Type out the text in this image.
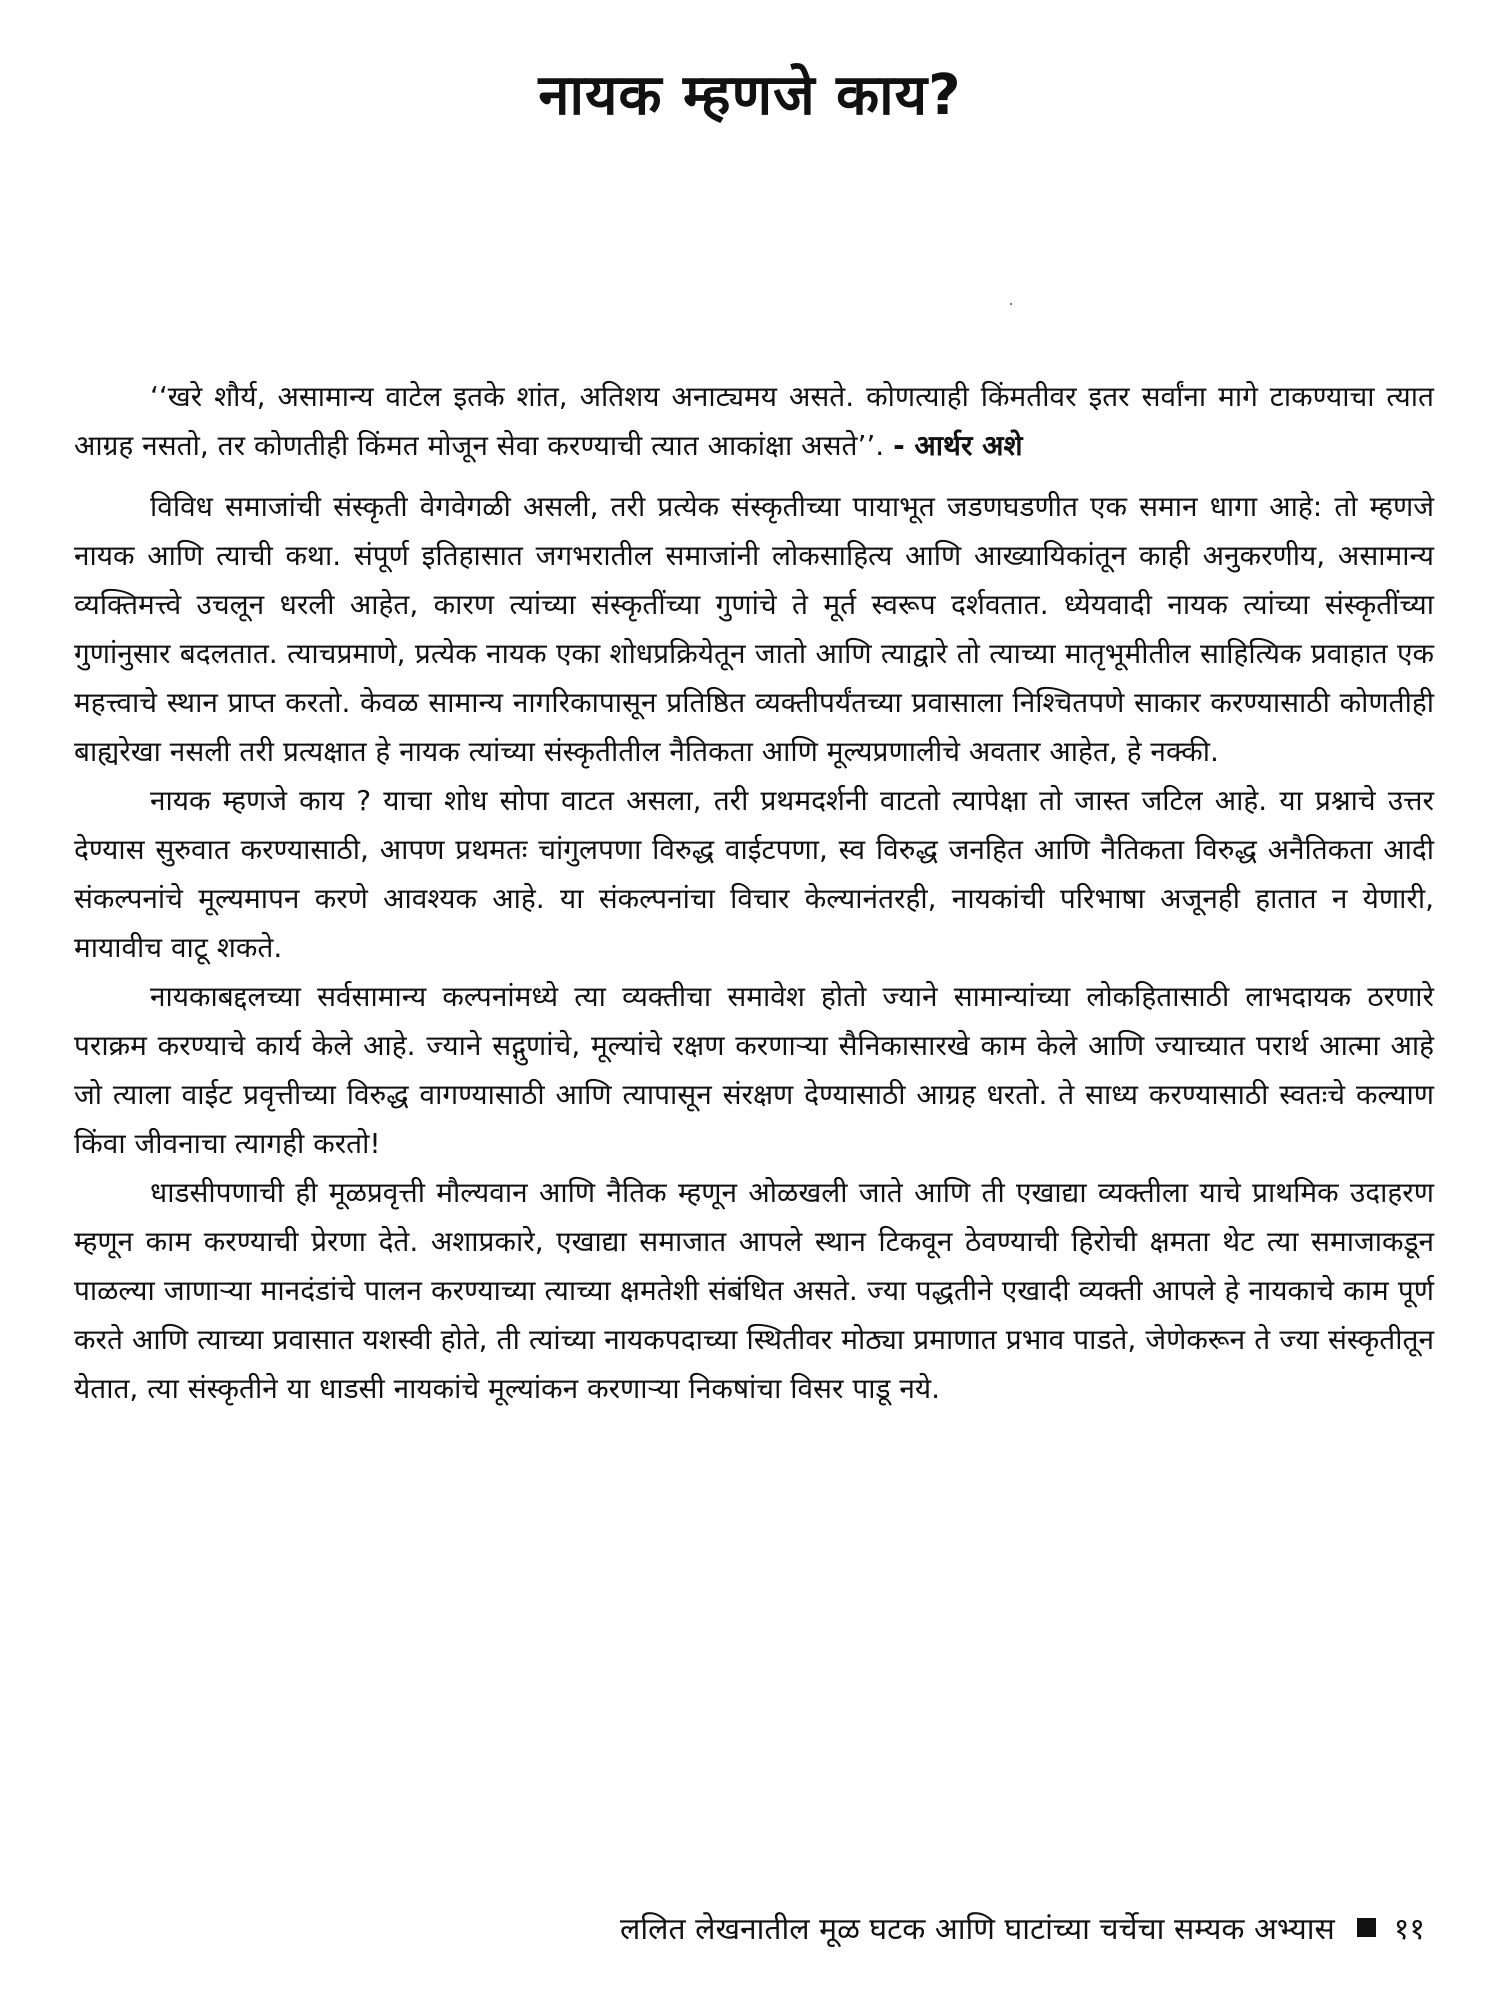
नायक म्हणजे काय?

‘‘खरे शौर्य, असामान्य वाटेल इतके शांत, अतिशय अनाट्यमय असते. कोणत्याही किंमतीवर इतर सर्वांना मागे टाकण्याचा त्यात आग्रह नसतो, तर कोणतीही किंमत मोजून सेवा करण्याची त्यात आकांक्षा असते’’. - आर्थर अशे

विविध समाजांची संस्कृती वेगवेगळी असली, तरी प्रत्येक संस्कृतीच्या पायाभूत जडणघडणीत एक समान धागा आहे: तो म्हणजे नायक आणि त्याची कथा. संपूर्ण इतिहासात जगभरातील समाजांनी लोकसाहित्य आणि आख्यायिकांतून काही अनुकरणीय, असामान्य व्यक्तिमत्त्वे उचलून धरली आहेत, कारण त्यांच्या संस्कृतींच्या गुणांचे ते मूर्त स्वरूप दर्शवतात. ध्येयवादी नायक त्यांच्या संस्कृतींच्या गुणांनुसार बदलतात. त्याचप्रमाणे, प्रत्येक नायक एका शोधप्रक्रियेतून जातो आणि त्याद्वारे तो त्याच्या मातृभूमीतील साहित्यिक प्रवाहात एक महत्त्वाचे स्थान प्राप्त करतो. केवळ सामान्य नागरिकापासून प्रतिष्ठित व्यक्तीपर्यंतच्या प्रवासाला निश्चितपणे साकार करण्यासाठी कोणतीही बाह्यरेखा नसली तरी प्रत्यक्षात हे नायक त्यांच्या संस्कृतीतील नैतिकता आणि मूल्यप्रणालीचे अवतार आहेत, हे नक्की.

नायक म्हणजे काय ? याचा शोध सोपा वाटत असला, तरी प्रथमदर्शनी वाटतो त्यापेक्षा तो जास्त जटिल आहे. या प्रश्नाचे उत्तर देण्यास सुरुवात करण्यासाठी, आपण प्रथमतः चांगुलपणा विरुद्ध वाईटपणा, स्व विरुद्ध जनहित आणि नैतिकता विरुद्ध अनैतिकता आदी संकल्पनांचे मूल्यमापन करणे आवश्यक आहे. या संकल्पनांचा विचार केल्यानंतरही, नायकांची परिभाषा अजूनही हातात न येणारी, मायावीच वाटू शकते.

नायकाबद्दलच्या सर्वसामान्य कल्पनांमध्ये त्या व्यक्तीचा समावेश होतो ज्याने सामान्यांच्या लोकहितासाठी लाभदायक ठरणारे पराक्रम करण्याचे कार्य केले आहे. ज्याने सद्गुणांचे, मूल्यांचे रक्षण करणाऱ्या सैनिकासारखे काम केले आणि ज्याच्यात परार्थ आत्मा आहे जो त्याला वाईट प्रवृत्तीच्या विरुद्ध वागण्यासाठी आणि त्यापासून संरक्षण देण्यासाठी आग्रह धरतो. ते साध्य करण्यासाठी स्वतःचे कल्याण किंवा जीवनाचा त्यागही करतो!

धाडसीपणाची ही मूळप्रवृत्ती मौल्यवान आणि नैतिक म्हणून ओळखली जाते आणि ती एखाद्या व्यक्तीला याचे प्राथमिक उदाहरण म्हणून काम करण्याची प्रेरणा देते. अशाप्रकारे, एखाद्या समाजात आपले स्थान टिकवून ठेवण्याची हिरोची क्षमता थेट त्या समाजाकडून पाळल्या जाणाऱ्या मानदंडांचे पालन करण्याच्या त्याच्या क्षमतेशी संबंधित असते. ज्या पद्धतीने एखादी व्यक्ती आपले हे नायकाचे काम पूर्ण करते आणि त्याच्या प्रवासात यशस्वी होते, ती त्यांच्या नायकपदाच्या स्थितीवर मोठ्या प्रमाणात प्रभाव पाडते, जेणेकरून ते ज्या संस्कृतीतून येतात, त्या संस्कृतीने या धाडसी नायकांचे मूल्यांकन करणाऱ्या निकषांचा विसर पाडू नये.

ललित लेखनातील मूळ घटक आणि घाटांच्या चर्चेचा सम्यक अभ्यास ११
